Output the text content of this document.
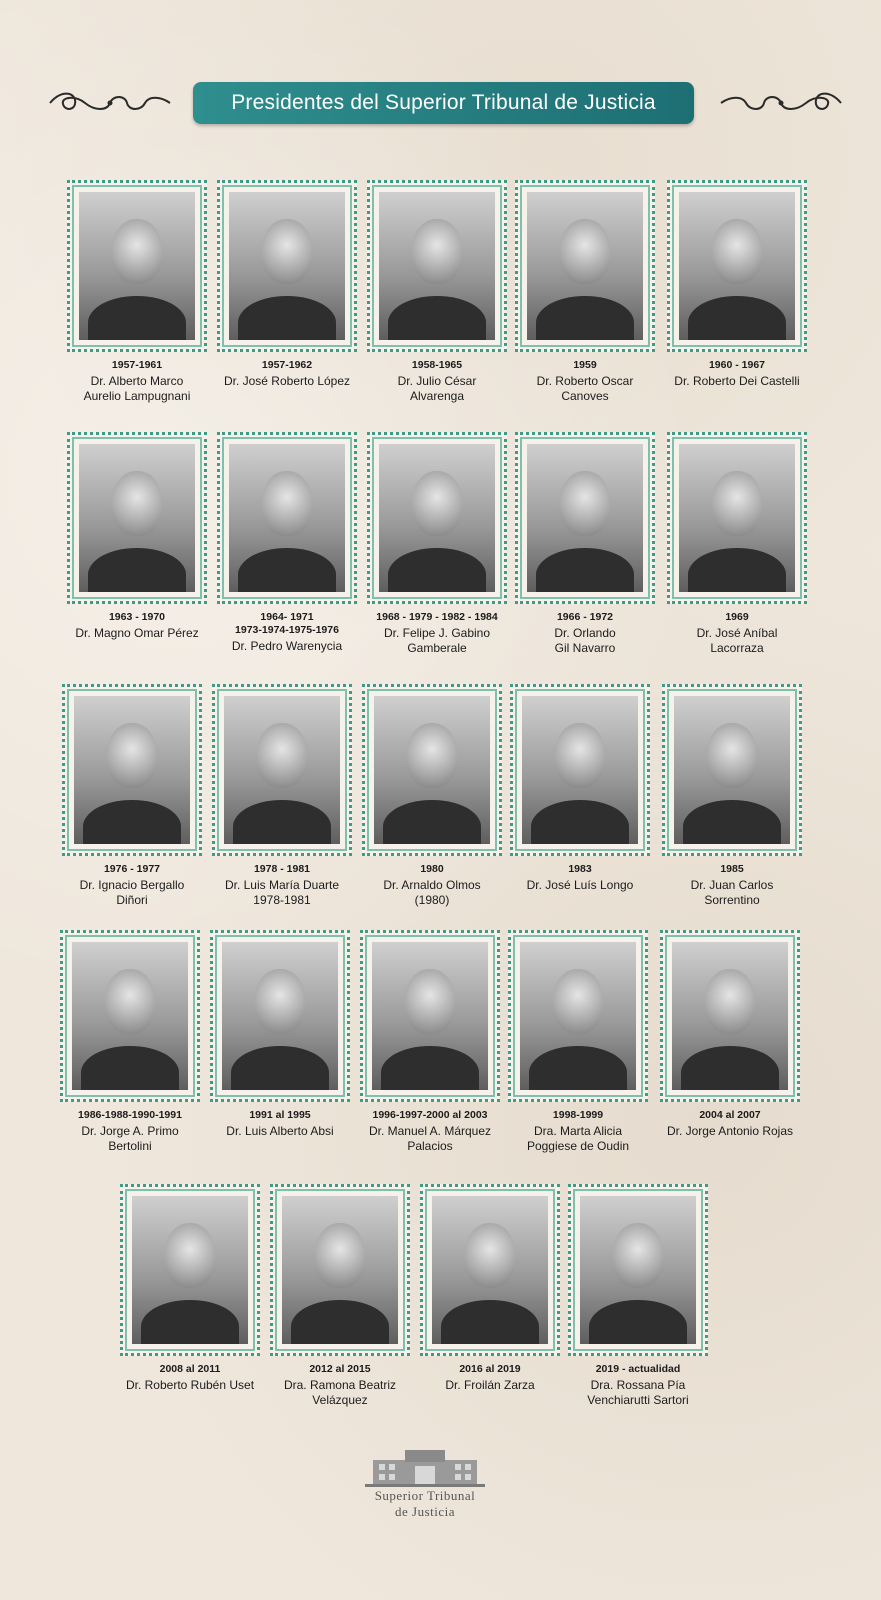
Presidentes del Superior Tribunal de Justicia
1957-1961
Dr. Alberto Marco
Aurelio Lampugnani
1957-1962
Dr. José Roberto López
1958-1965
Dr. Julio César
Alvarenga
1959
Dr. Roberto Oscar
Canoves
1960 - 1967
Dr. Roberto Dei Castelli
1963 - 1970
Dr. Magno Omar Pérez
1964- 1971
1973-1974-1975-1976
Dr. Pedro Warenycia
1968 - 1979 - 1982 - 1984
Dr. Felipe J. Gabino
Gamberale
1966 - 1972
Dr. Orlando
Gil Navarro
1969
Dr. José Aníbal
Lacorraza
1976 - 1977
Dr. Ignacio Bergallo
Diñori
1978 - 1981
Dr. Luis María Duarte
1978-1981
1980
Dr. Arnaldo Olmos
(1980)
1983
Dr. José Luís Longo
1985
Dr. Juan Carlos
Sorrentino
1986-1988-1990-1991
Dr. Jorge A. Primo
Bertolini
1991 al 1995
Dr. Luis Alberto Absi
1996-1997-2000 al 2003
Dr. Manuel A. Márquez
Palacios
1998-1999
Dra. Marta Alicia
Poggiese de Oudin
2004 al 2007
Dr. Jorge Antonio Rojas
2008 al 2011
Dr. Roberto Rubén Uset
2012 al 2015
Dra. Ramona Beatriz
Velázquez
2016 al 2019
Dr. Froilán Zarza
2019 - actualidad
Dra. Rossana Pía
Venchiarutti Sartori
Superior Tribunal
de Justicia
